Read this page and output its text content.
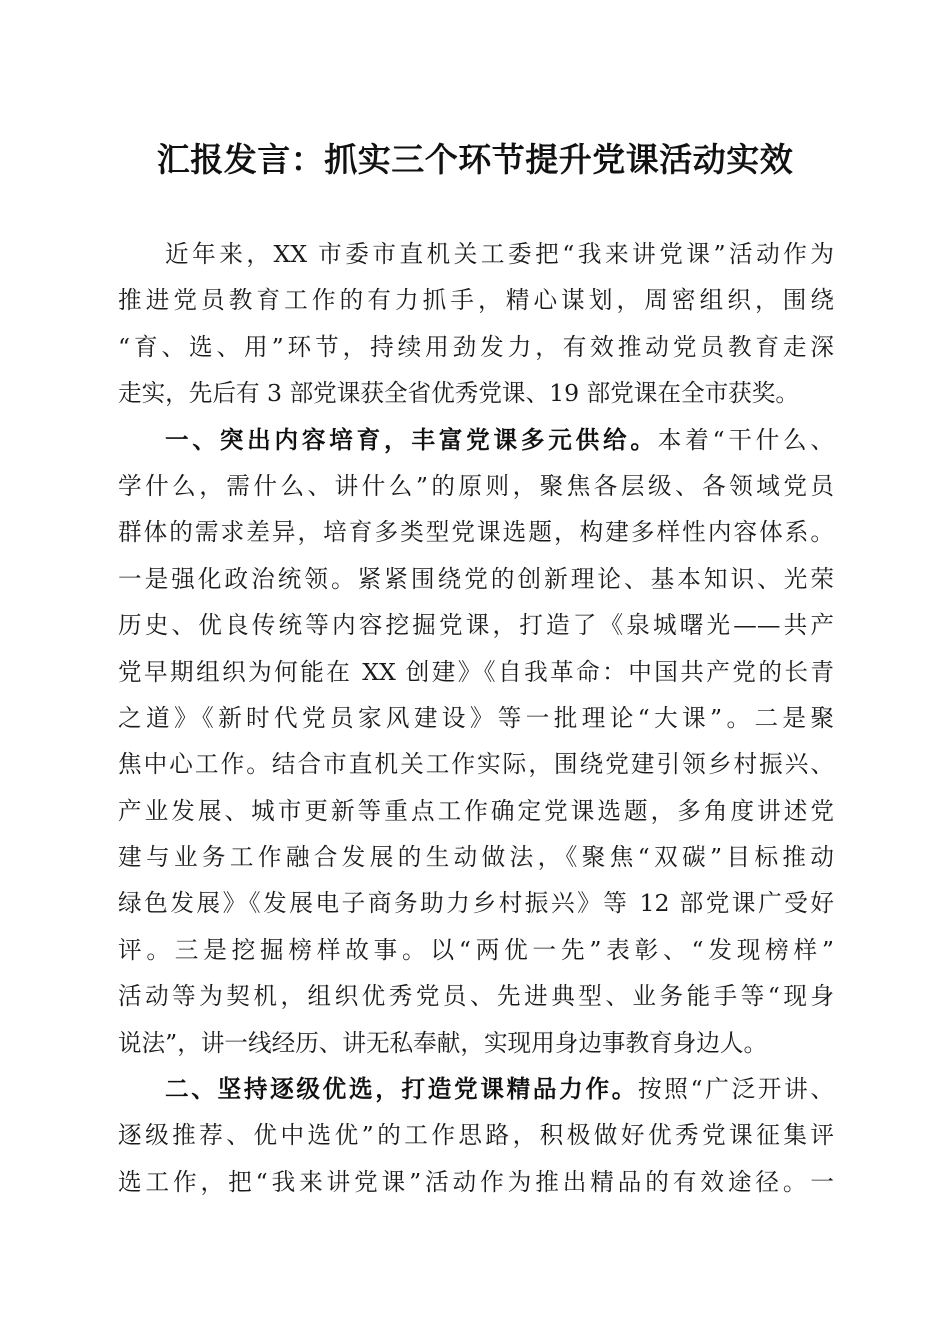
汇报发言：抓实三个环节提升党课活动实效
近年来，XX 市委市直机关工委把“我来讲党课”活动作为
推进党员教育工作的有力抓手，精心谋划，周密组织，围绕
“育、选、用”环节，持续用劲发力，有效推动党员教育走深
走实，先后有 3 部党课获全省优秀党课、19 部党课在全市获奖。
一、突出内容培育，丰富党课多元供给。本着“干什么、
学什么，需什么、讲什么”的原则，聚焦各层级、各领域党员
群体的需求差异，培育多类型党课选题，构建多样性内容体系。
一是强化政治统领。紧紧围绕党的创新理论、基本知识、光荣
历史、优良传统等内容挖掘党课，打造了《泉城曙光——共产
党早期组织为何能在 XX 创建》《自我革命：中国共产党的长青
之道》《新时代党员家风建设》等一批理论“大课”。二是聚
焦中心工作。结合市直机关工作实际，围绕党建引领乡村振兴、
产业发展、城市更新等重点工作确定党课选题，多角度讲述党
建与业务工作融合发展的生动做法，《聚焦“双碳”目标推动
绿色发展》《发展电子商务助力乡村振兴》等 12 部党课广受好
评。三是挖掘榜样故事。以“两优一先”表彰、“发现榜样”
活动等为契机，组织优秀党员、先进典型、业务能手等“现身
说法”，讲一线经历、讲无私奉献，实现用身边事教育身边人。
二、坚持逐级优选，打造党课精品力作。按照“广泛开讲、
逐级推荐、优中选优”的工作思路，积极做好优秀党课征集评
选工作，把“我来讲党课”活动作为推出精品的有效途径。一
